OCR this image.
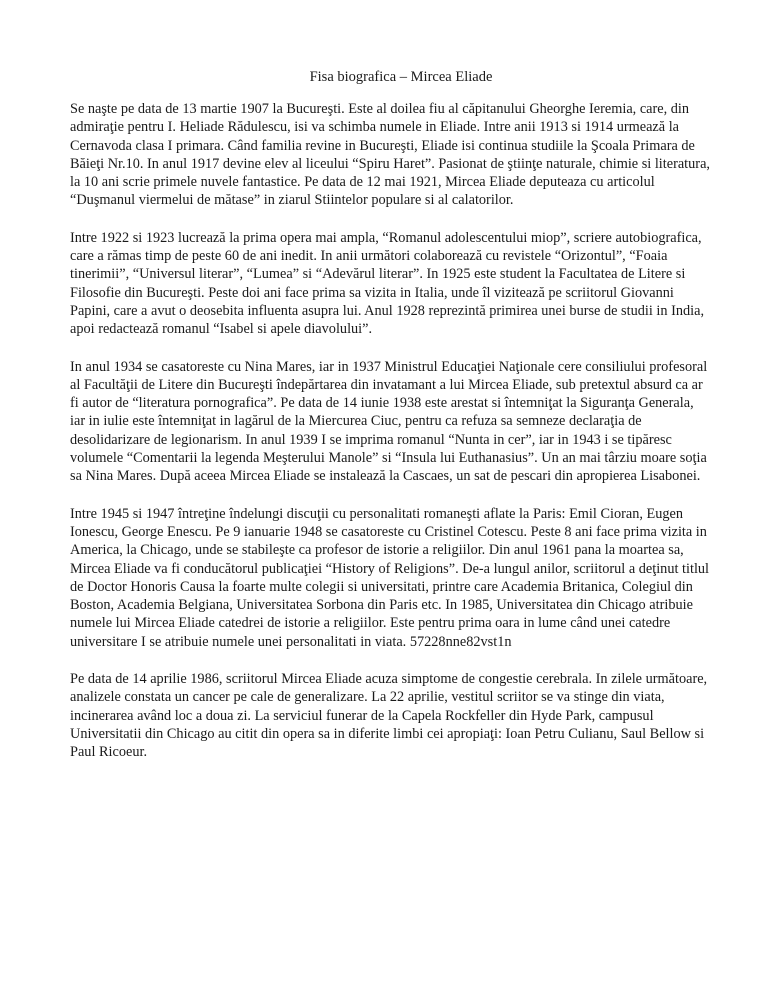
Fisa biografica – Mircea Eliade

Se naşte pe data de 13 martie 1907 la Bucureşti. Este al doilea fiu al căpitanului Gheorghe Ieremia, care, din admiraţie pentru I. Heliade Rădulescu, isi va schimba numele in Eliade. Intre anii 1913 si 1914 urmează la Cernavoda clasa I primara. Când familia revine in Bucureşti, Eliade isi continua studiile la Şcoala Primara de Băieţi Nr.10. In anul 1917 devine elev al liceului “Spiru Haret”. Pasionat de ştiinţe naturale, chimie si literatura, la 10 ani scrie primele nuvele fantastice. Pe data de 12 mai 1921, Mircea Eliade deputeaza cu articolul “Duşmanul viermelui de mătase” in ziarul Stiintelor populare si al calatorilor.

Intre 1922 si 1923 lucrează la prima opera mai ampla, “Romanul adolescentului miop”, scriere autobiografica, care a rămas timp de peste 60 de ani inedit. In anii următori colaborează cu revistele “Orizontul”, “Foaia tinerimii”, “Universul literar”, “Lumea” si “Adevărul literar”. In 1925 este student la Facultatea de Litere si Filosofie din Bucureşti. Peste doi ani face prima sa vizita in Italia, unde îl vizitează pe scriitorul Giovanni Papini, care a avut o deosebita influenta asupra lui. Anul 1928 reprezintă primirea unei burse de studii in India, apoi redactează romanul “Isabel si apele diavolului”.

In anul 1934 se casatoreste cu Nina Mares, iar in 1937 Ministrul Educaţiei Naţionale cere consiliului profesoral al Facultăţii de Litere din Bucureşti îndepărtarea din invatamant a lui Mircea Eliade, sub pretextul absurd ca ar fi autor de “literatura pornografica”. Pe data de 14 iunie 1938 este arestat si întemniţat la Siguranţa Generala, iar in iulie este întemniţat in lagărul de la Miercurea Ciuc, pentru ca refuza sa semneze declaraţia de desolidarizare de legionarism. In anul 1939 I se imprima romanul “Nunta in cer”, iar in 1943 i se tipăresc volumele “Comentarii la legenda Meşterului Manole” si “Insula lui Euthanasius”. Un an mai târziu moare soţia sa Nina Mares. După aceea Mircea Eliade se instalează la Cascaes, un sat de pescari din apropierea Lisabonei.

Intre 1945 si 1947 întreţine îndelungi discuţii cu personalitati romaneşti aflate la Paris: Emil Cioran, Eugen Ionescu, George Enescu. Pe 9 ianuarie 1948 se casatoreste cu Cristinel Cotescu. Peste 8 ani face prima vizita in America, la Chicago, unde se stabileşte ca profesor de istorie a religiilor. Din anul 1961 pana la moartea sa, Mircea Eliade va fi conducătorul publicaţiei “History of Religions”. De-a lungul anilor, scriitorul a deţinut titlul de Doctor Honoris Causa la foarte multe colegii si universitati, printre care Academia Britanica, Colegiul din Boston, Academia Belgiana, Universitatea Sorbona din Paris etc. In 1985, Universitatea din Chicago atribuie numele lui Mircea Eliade catedrei de istorie a religiilor. Este pentru prima oara in lume când unei catedre universitare I se atribuie numele unei personalitati in viata. 57228nne82vst1n

Pe data de 14 aprilie 1986, scriitorul Mircea Eliade acuza simptome de congestie cerebrala. In zilele următoare, analizele constata un cancer pe cale de generalizare. La 22 aprilie, vestitul scriitor se va stinge din viata, incinerarea având loc a doua zi. La serviciul funerar de la Capela Rockfeller din Hyde Park, campusul Universitatii din Chicago au citit din opera sa in diferite limbi cei apropiaţi: Ioan Petru Culianu, Saul Bellow si Paul Ricoeur.
